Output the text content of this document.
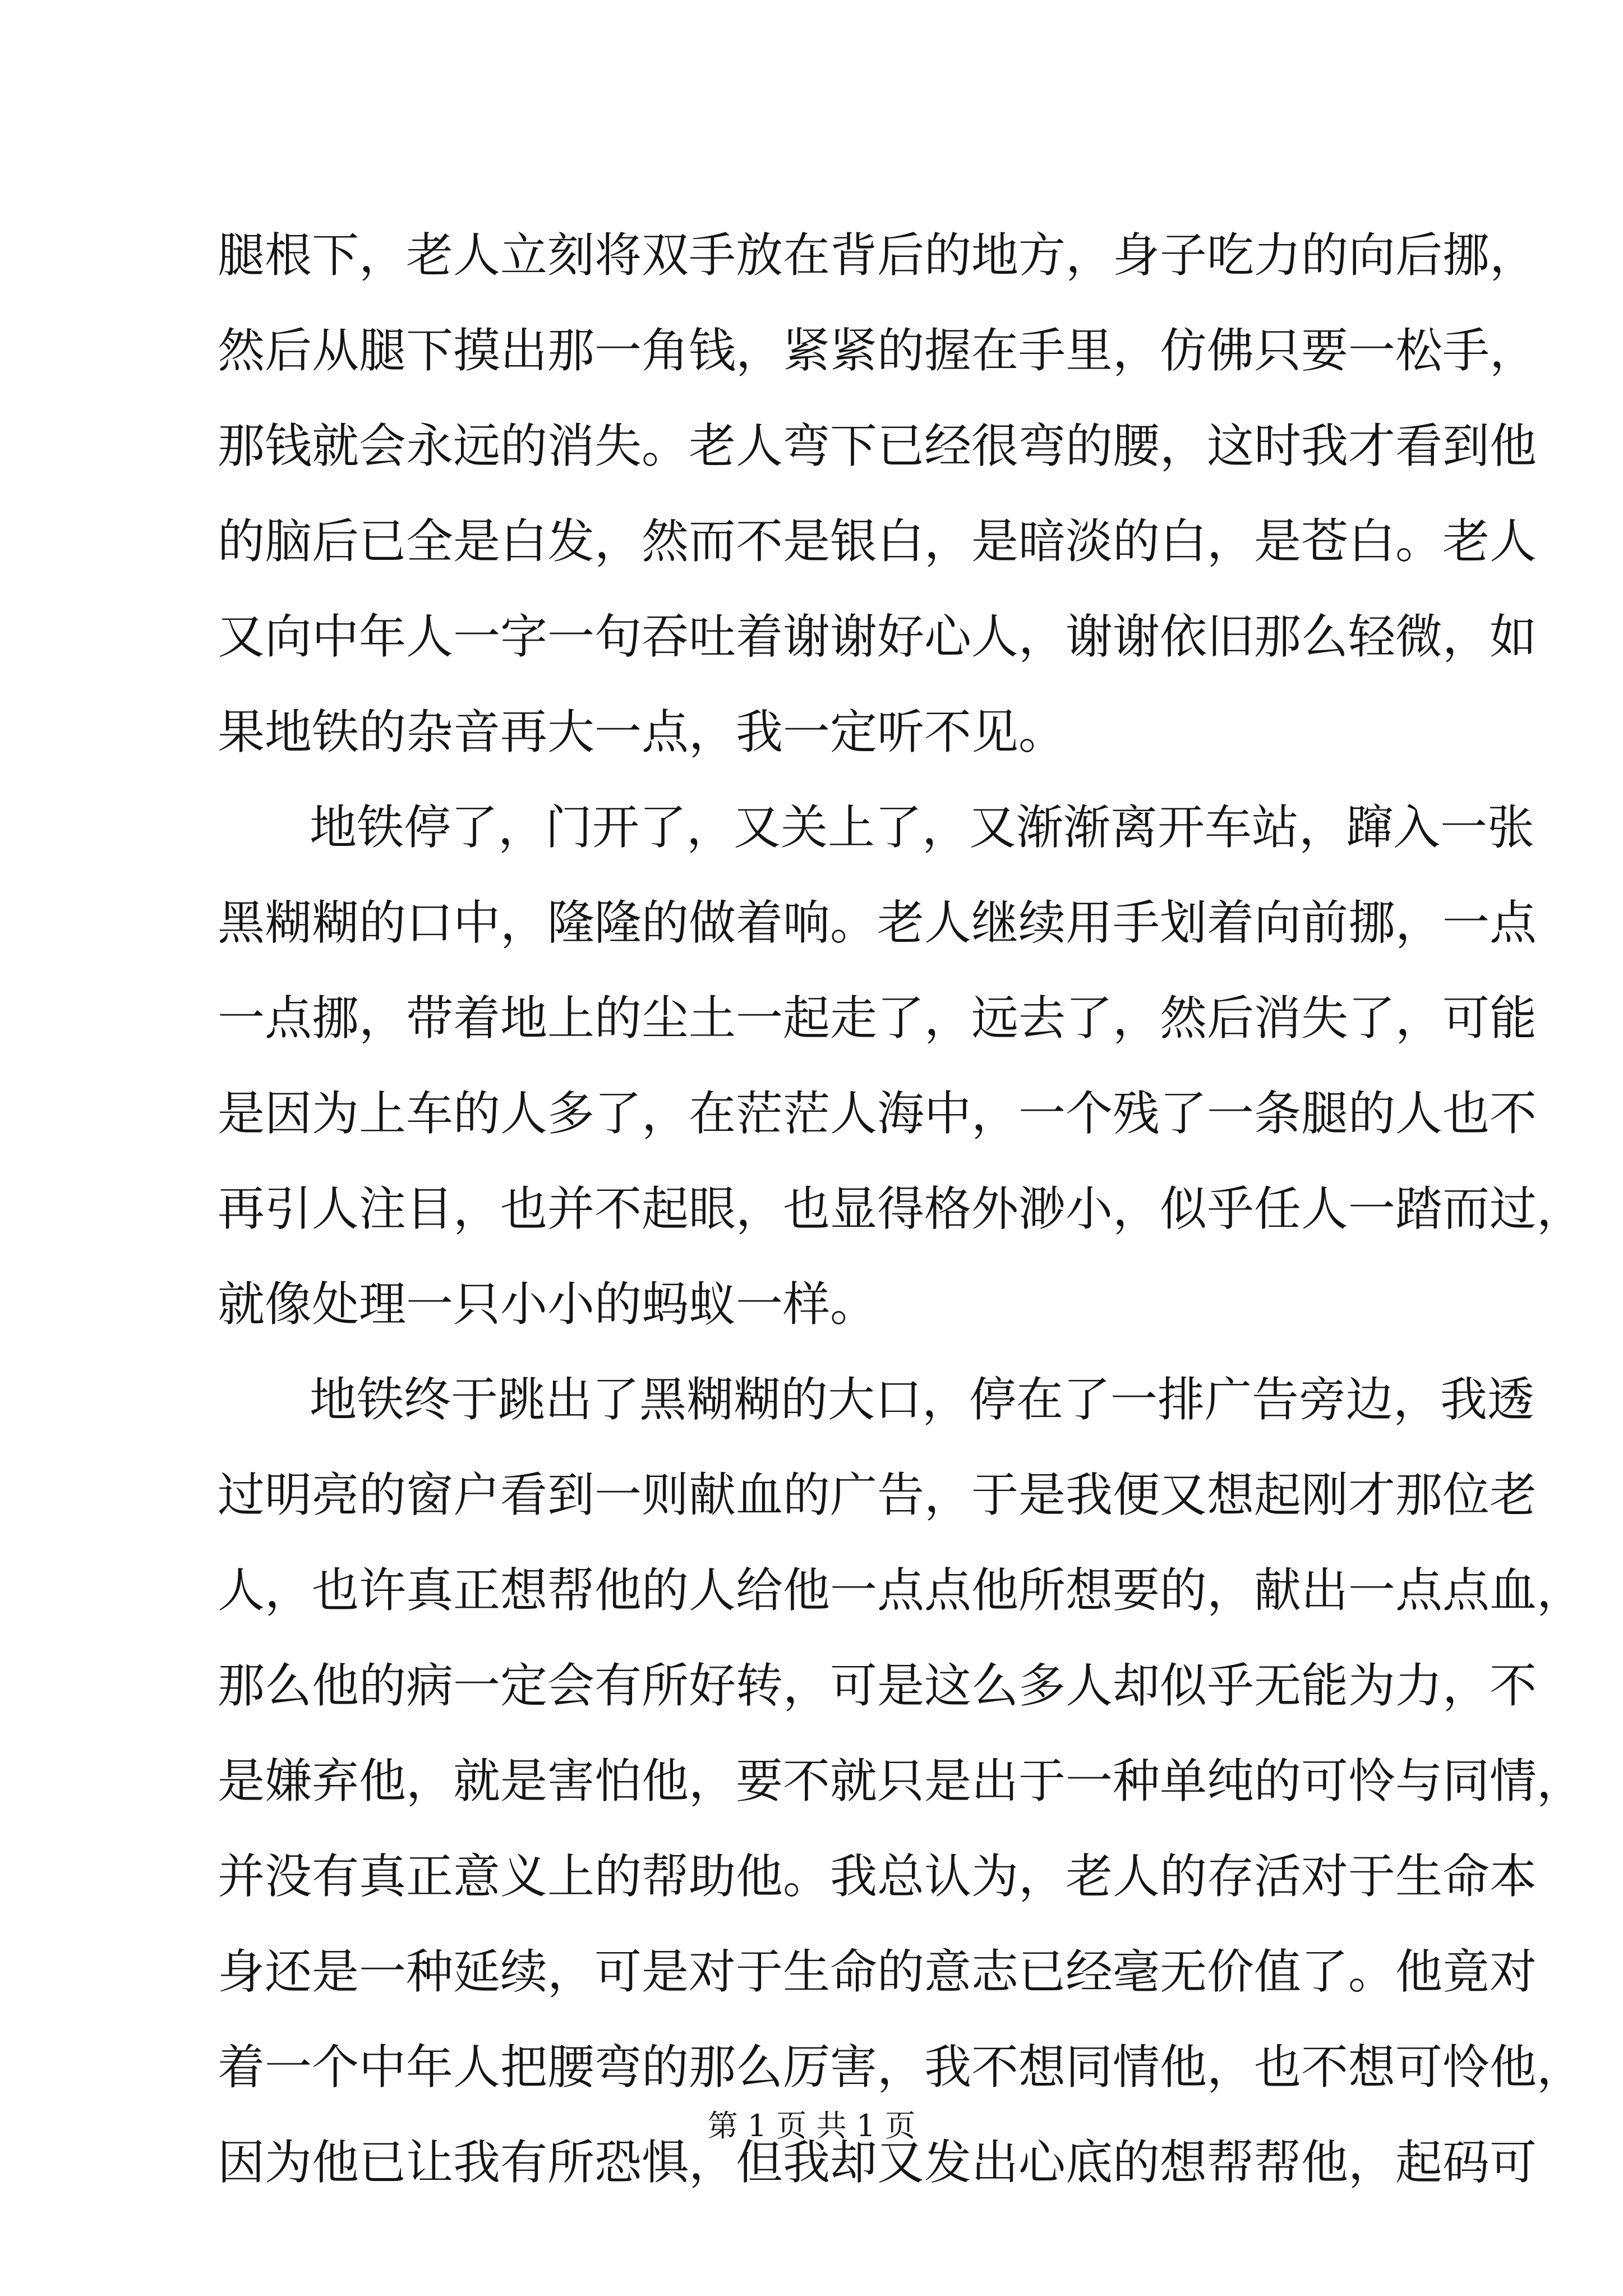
腿根下，老人立刻将双手放在背后的地方，身子吃力的向后挪，
然后从腿下摸出那一角钱，紧紧的握在手里，仿佛只要一松手，
那钱就会永远的消失。老人弯下已经很弯的腰，这时我才看到他
的脑后已全是白发，然而不是银白，是暗淡的白，是苍白。老人
又向中年人一字一句吞吐着谢谢好心人，谢谢依旧那么轻微，如
果地铁的杂音再大一点，我一定听不见。
地铁停了，门开了，又关上了，又渐渐离开车站，蹿入一张
黑糊糊的口中，隆隆的做着响。老人继续用手划着向前挪，一点
一点挪，带着地上的尘土一起走了，远去了，然后消失了，可能
是因为上车的人多了，在茫茫人海中，一个残了一条腿的人也不
再引人注目，也并不起眼，也显得格外渺小，似乎任人一踏而过，
就像处理一只小小的蚂蚁一样。
地铁终于跳出了黑糊糊的大口，停在了一排广告旁边，我透
过明亮的窗户看到一则献血的广告，于是我便又想起刚才那位老
人，也许真正想帮他的人给他一点点他所想要的，献出一点点血，
那么他的病一定会有所好转，可是这么多人却似乎无能为力，不
是嫌弃他，就是害怕他，要不就只是出于一种单纯的可怜与同情，
并没有真正意义上的帮助他。我总认为，老人的存活对于生命本
身还是一种延续，可是对于生命的意志已经毫无价值了。他竟对
着一个中年人把腰弯的那么厉害，我不想同情他，也不想可怜他，
因为他已让我有所恐惧，但我却又发出心底的想帮帮他，起码可
第 1 页 共 1 页
